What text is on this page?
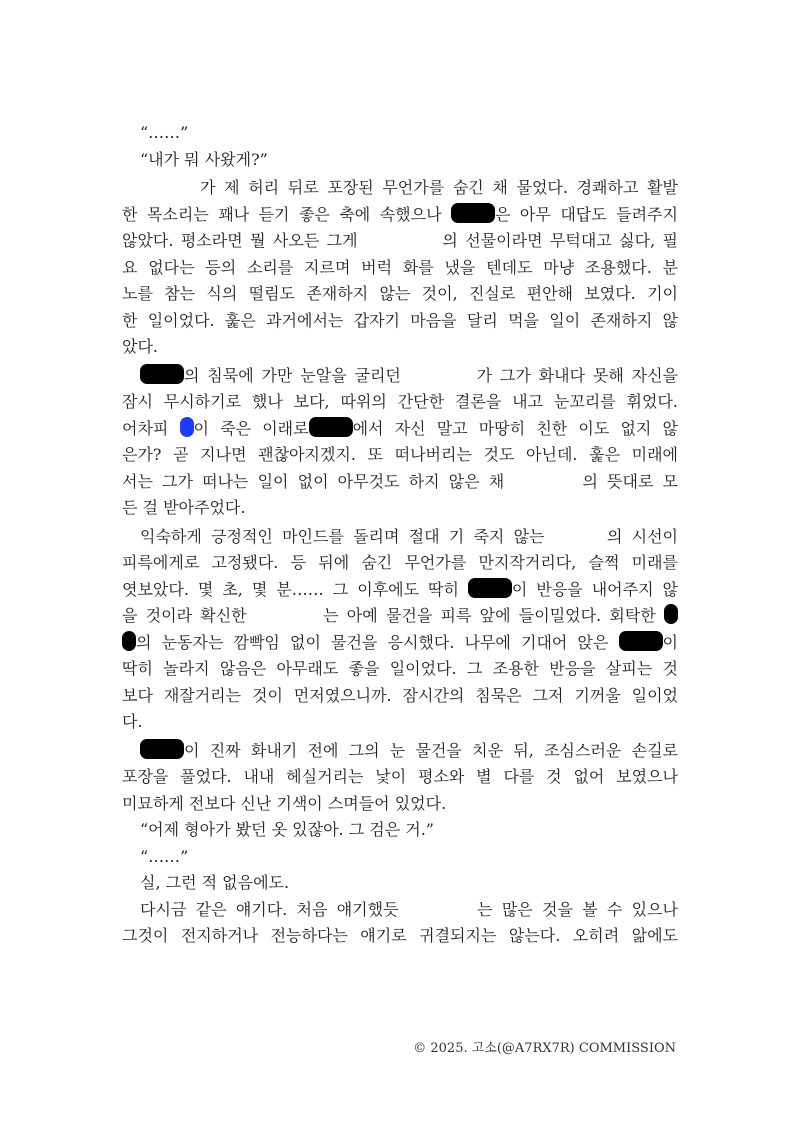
“……”
“내가 뭐 사왔게?”
가 제 허리 뒤로 포장된 무언가를 숨긴 채 물었다. 경쾌하고 활발
한 목소리는 꽤나 듣기 좋은 축에 속했으나	은 아무 대답도 들려주지
않았다. 평소라면 뭘 사오든 그게	의 선물이라면 무턱대고 싫다, 필
요 없다는 등의 소리를 지르며 버럭 화를 냈을 텐데도 마냥 조용했다. 분
노를 참는 식의 떨림도 존재하지 않는 것이, 진실로 편안해 보였다. 기이
한 일이었다. 훑은 과거에서는 갑자기 마음을 달리 먹을 일이 존재하지 않
았다.
의 침묵에 가만 눈알을 굴리던	가 그가 화내다 못해 자신을
잠시 무시하기로 했나 보다, 따위의 간단한 결론을 내고 눈꼬리를 휘었다.
어차피 이 죽은 이래로	에서 자신 말고 마땅히 친한 이도 없지 않
은가? 곧 지나면 괜찮아지겠지. 또 떠나버리는 것도 아닌데. 훑은 미래에
서는 그가 떠나는 일이 없이 아무것도 하지 않은 채	의 뜻대로 모
든 걸 받아주었다.
익숙하게 긍정적인 마인드를 돌리며 절대 기 죽지 않는	의 시선이
피륵에게로 고정됐다. 등 뒤에 숨긴 무언가를 만지작거리다, 슬쩍 미래를
엿보았다. 몇 초, 몇 분…… 그 이후에도 딱히	이 반응을 내어주지 않
을 것이라 확신한	는 아예 물건을 피륵 앞에 들이밀었다. 회탁한
의 눈동자는 깜빡임 없이 물건을 응시했다. 나무에 기대어 앉은	이
딱히 놀라지 않음은 아무래도 좋을 일이었다. 그 조용한 반응을 살피는 것
보다 재잘거리는 것이 먼저였으니까. 잠시간의 침묵은 그저 기꺼울 일이었
다.
이 진짜 화내기 전에 그의 눈 물건을 치운 뒤, 조심스러운 손길로
포장을 풀었다. 내내 헤실거리는 낯이 평소와 별 다를 것 없어 보였으나
미묘하게 전보다 신난 기색이 스며들어 있었다.
“어제 형아가 봤던 옷 있잖아. 그 검은 거.”
“……”
실, 그런 적 없음에도.
다시금 같은 얘기다. 처음 얘기했듯	는 많은 것을 볼 수 있으나
그것이 전지하거나 전능하다는 얘기로 귀결되지는 않는다. 오히려 앎에도
© 2025. 고소(@A7RX7R) COMMISSION
